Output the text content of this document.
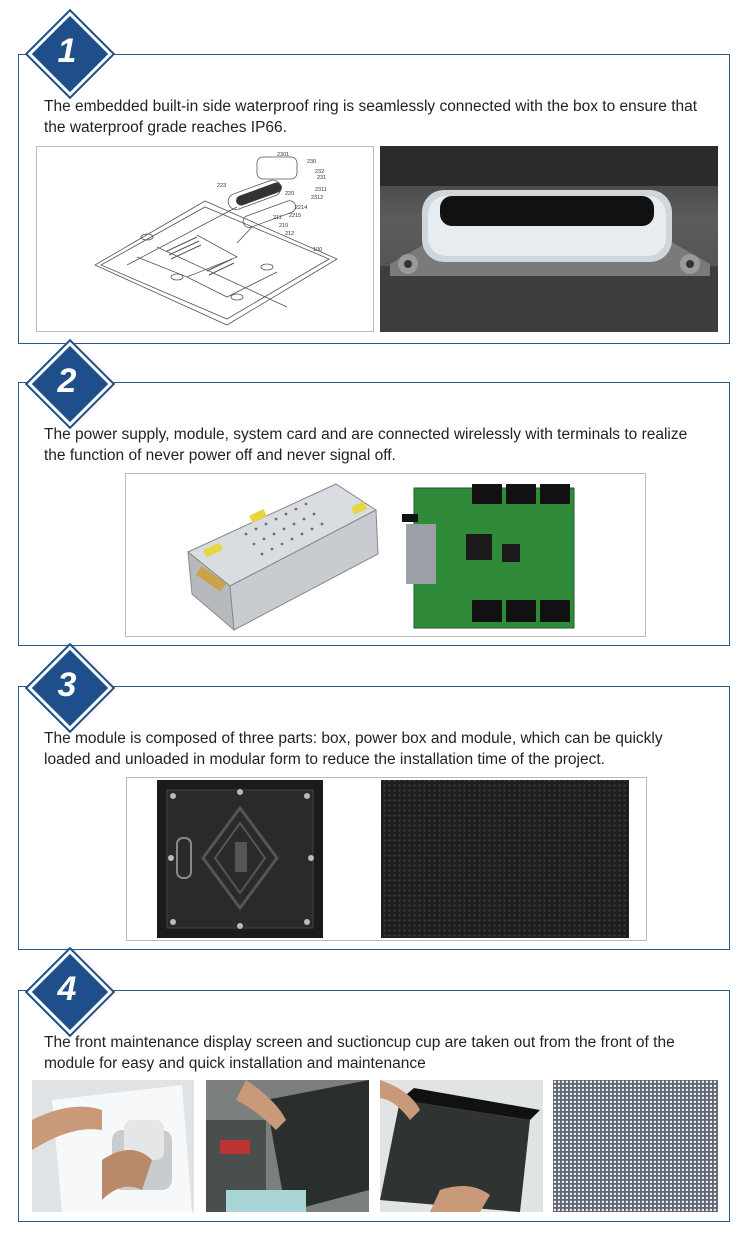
1
The embedded built-in side waterproof ring is seamlessly connected with the box to ensure that the waterproof grade reaches IP66.
2301
230
232
231
2311
2312
222
220
223
2214
2215
211
210
212
100
2
The power supply, module, system card and are connected wirelessly with terminals to realize the function of never power off and never signal off.
3
The module is composed of three parts: box, power box and module, which can be quickly loaded and unloaded in modular form to reduce the installation time of the project.
4
The front maintenance display screen and suctioncup cup are taken out from the front of the module for easy and quick installation and maintenance
